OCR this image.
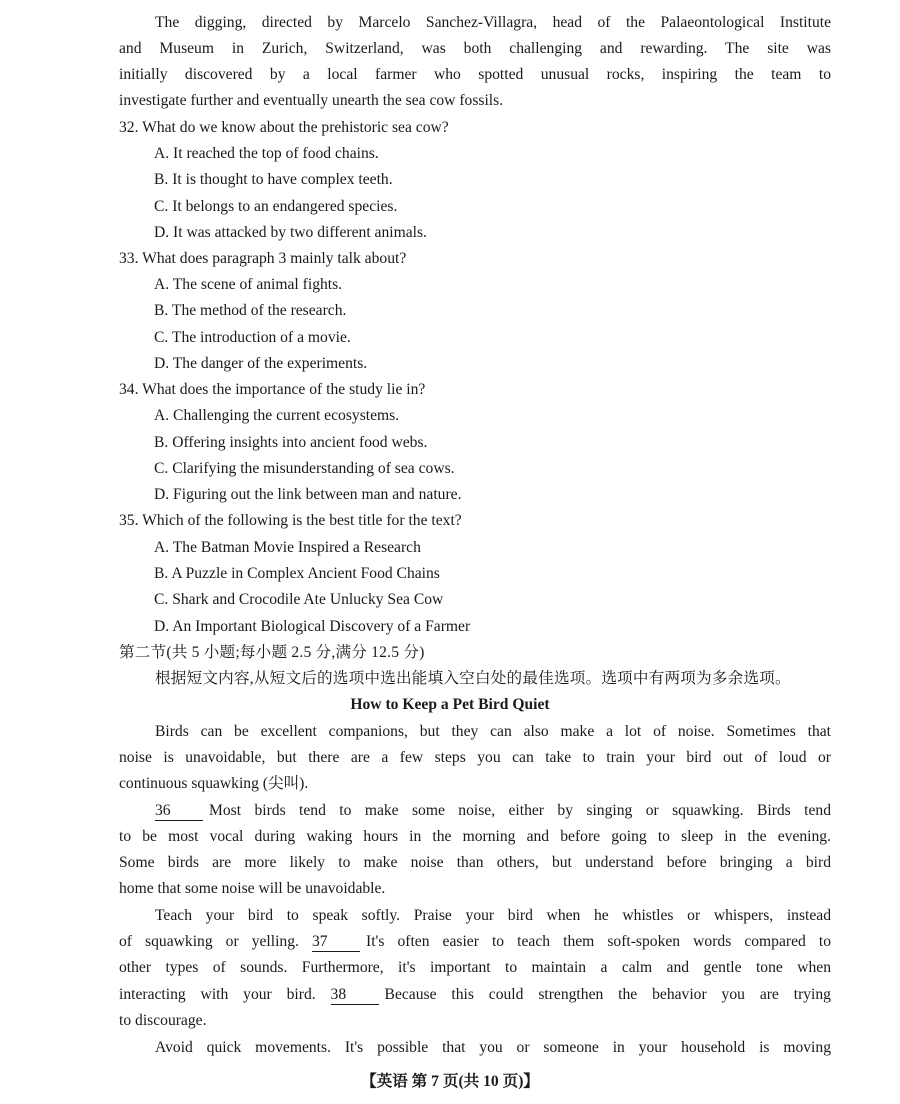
The digging, directed by Marcelo Sanchez-Villagra, head of the Palaeontological Institute
and Museum in Zurich, Switzerland, was both challenging and rewarding. The site was
initially discovered by a local farmer who spotted unusual rocks, inspiring the team to
investigate further and eventually unearth the sea cow fossils.
32. What do we know about the prehistoric sea cow?
A. It reached the top of food chains.
B. It is thought to have complex teeth.
C. It belongs to an endangered species.
D. It was attacked by two different animals.
33. What does paragraph 3 mainly talk about?
A. The scene of animal fights.
B. The method of the research.
C. The introduction of a movie.
D. The danger of the experiments.
34. What does the importance of the study lie in?
A. Challenging the current ecosystems.
B. Offering insights into ancient food webs.
C. Clarifying the misunderstanding of sea cows.
D. Figuring out the link between man and nature.
35. Which of the following is the best title for the text?
A. The Batman Movie Inspired a Research
B. A Puzzle in Complex Ancient Food Chains
C. Shark and Crocodile Ate Unlucky Sea Cow
D. An Important Biological Discovery of a Farmer
第二节(共 5 小题;每小题 2.5 分,满分 12.5 分)
根据短文内容,从短文后的选项中选出能填入空白处的最佳选项。选项中有两项为多余选项。
How to Keep a Pet Bird Quiet
Birds can be excellent companions, but they can also make a lot of noise. Sometimes that
noise is unavoidable, but there are a few steps you can take to train your bird out of loud or
continuous squawking (尖叫).
36 Most birds tend to make some noise, either by singing or squawking. Birds tend
to be most vocal during waking hours in the morning and before going to sleep in the evening.
Some birds are more likely to make noise than others, but understand before bringing a bird
home that some noise will be unavoidable.
Teach your bird to speak softly. Praise your bird when he whistles or whispers, instead
of squawking or yelling. 37 It's often easier to teach them soft-spoken words compared to
other types of sounds. Furthermore, it's important to maintain a calm and gentle tone when
interacting with your bird. 38 Because this could strengthen the behavior you are trying
to discourage.
Avoid quick movements. It's possible that you or someone in your household is moving
【英语 第 7 页(共 10 页)】
